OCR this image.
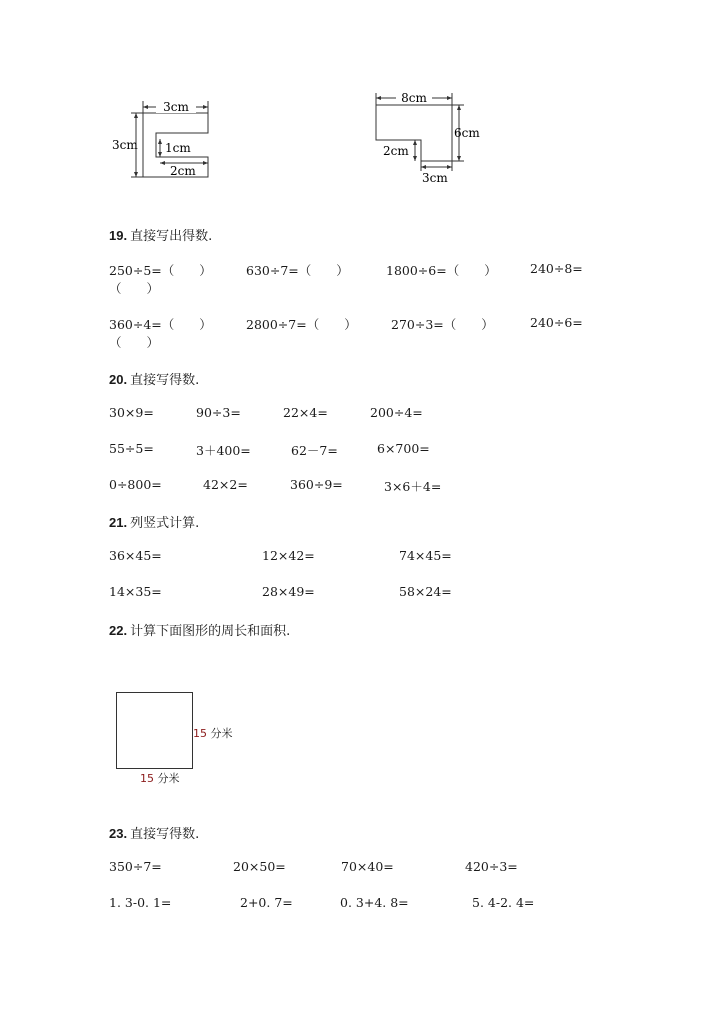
3cm
3cm 1cm
2cm
8cm
6cm
2cm
3cm
19. 直接写出得数.
250÷5=（　　）	630÷7=（　　）	1800÷6=（　　）	240÷8=
（　　）
360÷4=（　　）	2800÷7=（　　）	270÷3=（　　）	240÷6=
（　　）
20. 直接写得数.
30×9=	90÷3=	22×4=	200÷4=
55÷5=	3＋400=	62－7=	6×700=
0÷800=	42×2=	360÷9=	3×6＋4=
21. 列竖式计算.
36×45=	12×42=	74×45=
14×35=	28×49=	58×24=
22. 计算下面图形的周长和面积.
15 分米
15 分米
23. 直接写得数.
350÷7=	20×50=	70×40=	420÷3=
1. 3-0. 1=	2+0. 7=	0. 3+4. 8=	5. 4-2. 4=
